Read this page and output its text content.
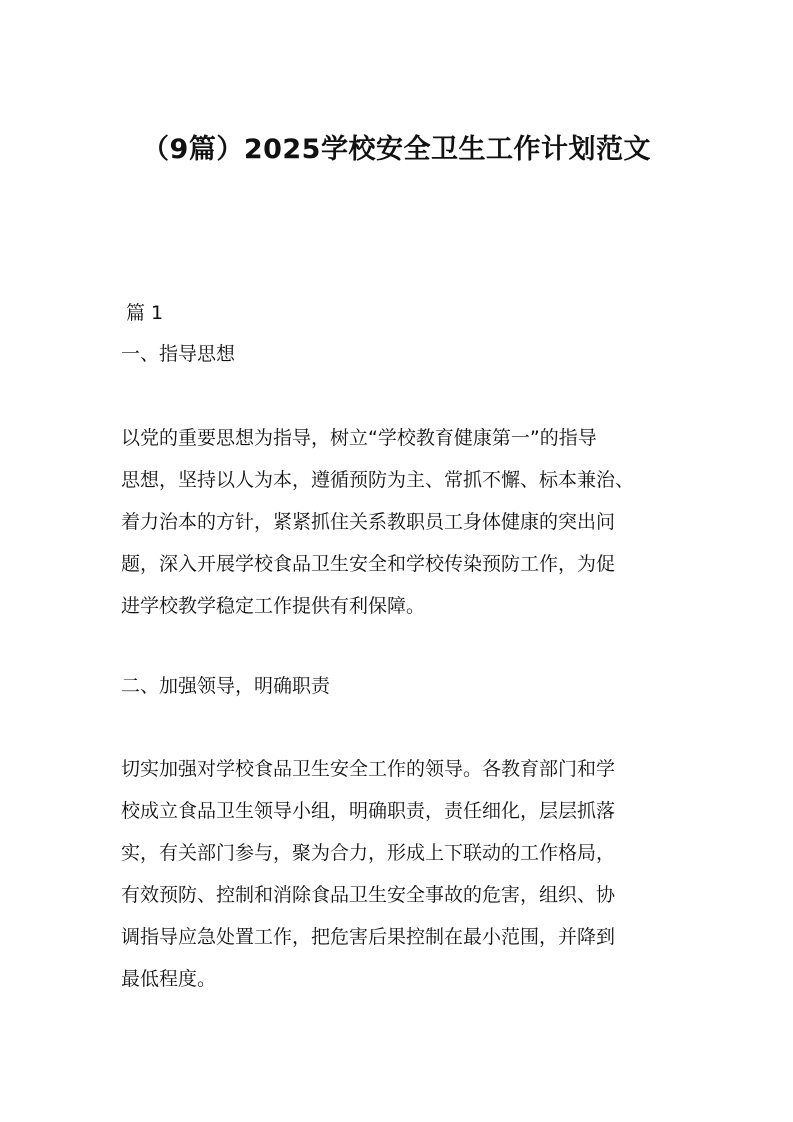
（9篇）2025学校安全卫生工作计划范文

篇 1

一、指导思想

以党的重要思想为指导，树立“学校教育健康第一”的指导
思想，坚持以人为本，遵循预防为主、常抓不懈、标本兼治、
着力治本的方针，紧紧抓住关系教职员工身体健康的突出问
题，深入开展学校食品卫生安全和学校传染预防工作，为促
进学校教学稳定工作提供有利保障。

二、加强领导，明确职责

切实加强对学校食品卫生安全工作的领导。各教育部门和学
校成立食品卫生领导小组，明确职责，责任细化，层层抓落
实，有关部门参与，聚为合力，形成上下联动的工作格局，
有效预防、控制和消除食品卫生安全事故的危害，组织、协
调指导应急处置工作，把危害后果控制在最小范围，并降到
最低程度。
